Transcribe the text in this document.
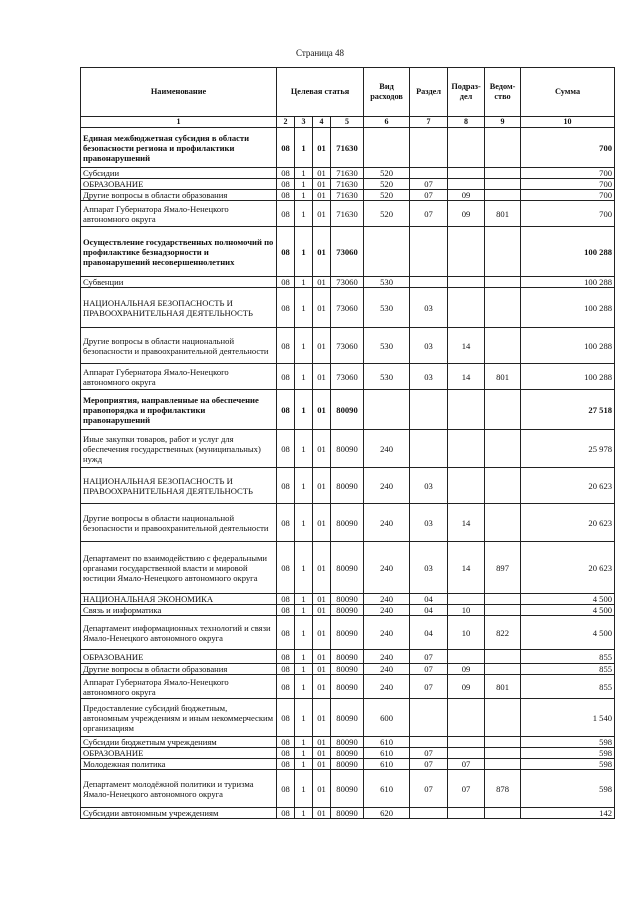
Страница 48
Наименование	Целевая статья				Вид расходов	Раздел	Подраз-дел	Ведом-ство	Сумма
1	2	3	4	5	6	7	8	9	10
Единая межбюджетная субсидия в области безопасности региона и профилактики правонарушений	08	1	01	71630					700
Субсидии	08	1	01	71630	520				700
ОБРАЗОВАНИЕ	08	1	01	71630	520	07			700
Другие вопросы в области образования	08	1	01	71630	520	07	09		700
Аппарат Губернатора Ямало-Ненецкого автономного округа	08	1	01	71630	520	07	09	801	700
Осуществление государственных полномочий по профилактике безнадзорности и правонарушений несовершеннолетних	08	1	01	73060					100 288
Субвенции	08	1	01	73060	530				100 288
НАЦИОНАЛЬНАЯ БЕЗОПАСНОСТЬ И ПРАВООХРАНИТЕЛЬНАЯ ДЕЯТЕЛЬНОСТЬ	08	1	01	73060	530	03			100 288
Другие вопросы в области национальной безопасности и правоохранительной деятельности	08	1	01	73060	530	03	14		100 288
Аппарат Губернатора Ямало-Ненецкого автономного округа	08	1	01	73060	530	03	14	801	100 288
Мероприятия, направленные на обеспечение правопорядка и профилактики правонарушений	08	1	01	80090					27 518
Иные закупки товаров, работ и услуг для обеспечения государственных (муниципальных) нужд	08	1	01	80090	240				25 978
НАЦИОНАЛЬНАЯ БЕЗОПАСНОСТЬ И ПРАВООХРАНИТЕЛЬНАЯ ДЕЯТЕЛЬНОСТЬ	08	1	01	80090	240	03			20 623
Другие вопросы в области национальной безопасности и правоохранительной деятельности	08	1	01	80090	240	03	14		20 623
Департамент по взаимодействию с федеральными органами государственной власти и мировой юстиции Ямало-Ненецкого автономного округа	08	1	01	80090	240	03	14	897	20 623
НАЦИОНАЛЬНАЯ ЭКОНОМИКА	08	1	01	80090	240	04			4 500
Связь и информатика	08	1	01	80090	240	04	10		4 500
Департамент информационных технологий и связи Ямало-Ненецкого автономного округа	08	1	01	80090	240	04	10	822	4 500
ОБРАЗОВАНИЕ	08	1	01	80090	240	07			855
Другие вопросы в области образования	08	1	01	80090	240	07	09		855
Аппарат Губернатора Ямало-Ненецкого автономного округа	08	1	01	80090	240	07	09	801	855
Предоставление субсидий бюджетным, автономным учреждениям и иным некоммерческим организациям	08	1	01	80090	600				1 540
Субсидии бюджетным учреждениям	08	1	01	80090	610				598
ОБРАЗОВАНИЕ	08	1	01	80090	610	07			598
Молодежная политика	08	1	01	80090	610	07	07		598
Департамент молодёжной политики и туризма Ямало-Ненецкого автономного округа	08	1	01	80090	610	07	07	878	598
Субсидии автономным учреждениям	08	1	01	80090	620				142
